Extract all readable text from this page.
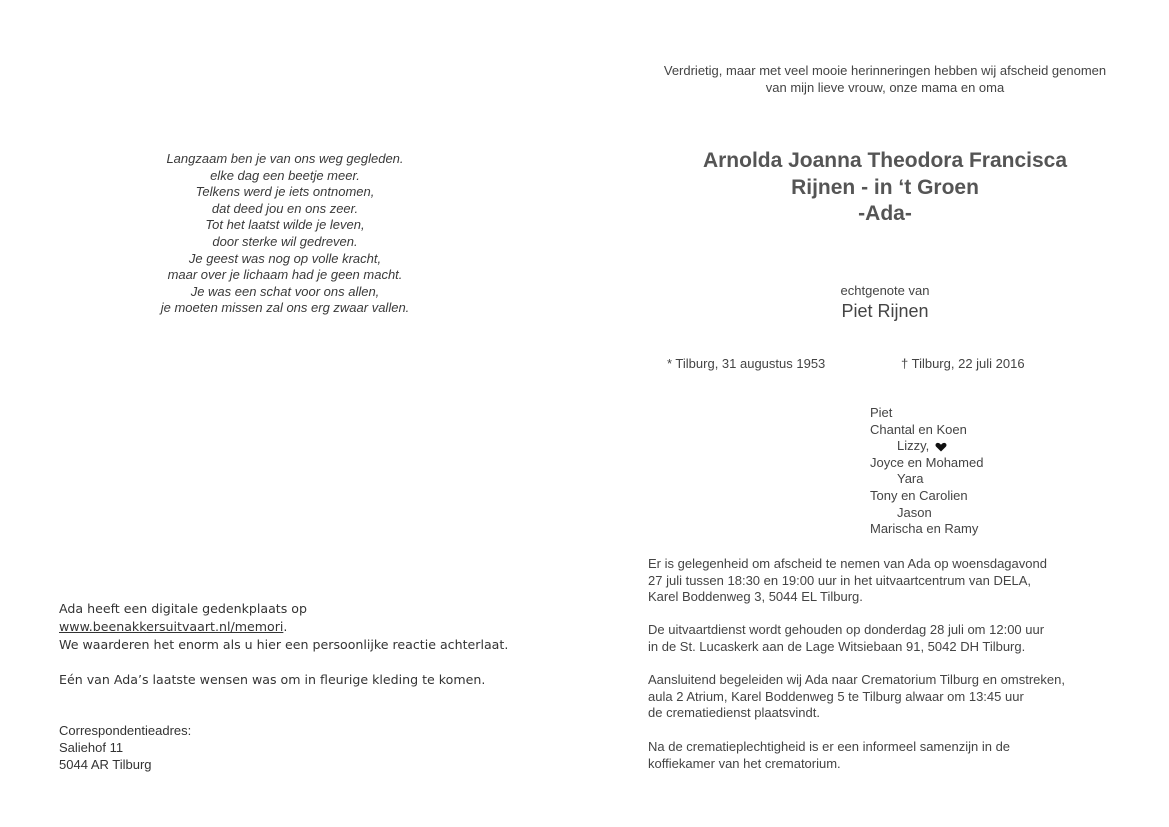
Langzaam ben je van ons weg gegleden.
elke dag een beetje meer.
Telkens werd je iets ontnomen,
dat deed jou en ons zeer.
Tot het laatst wilde je leven,
door sterke wil gedreven.
Je geest was nog op volle kracht,
maar over je lichaam had je geen macht.
Je was een schat voor ons allen,
je moeten missen zal ons erg zwaar vallen.
Ada heeft een digitale gedenkplaats op
www.beenakkersuitvaart.nl/memori.
We waarderen het enorm als u hier een persoonlijke reactie achterlaat.
Eén van Ada’s laatste wensen was om in fleurige kleding te komen.
Correspondentieadres:
Saliehof 11
5044 AR Tilburg
Verdrietig, maar met veel mooie herinneringen hebben wij afscheid genomen
van mijn lieve vrouw, onze mama en oma
Arnolda Joanna Theodora Francisca
Rijnen - in ‘t Groen
-Ada-
echtgenote van
Piet Rijnen
* Tilburg, 31 augustus 1953	† Tilburg, 22 juli 2016
Piet
Chantal en Koen
Lizzy,
Joyce en Mohamed
Yara
Tony en Carolien
Jason
Marischa en Ramy
Er is gelegenheid om afscheid te nemen van Ada op woensdagavond
27 juli tussen 18:30 en 19:00 uur in het uitvaartcentrum van DELA,
Karel Boddenweg 3, 5044 EL Tilburg.
De uitvaartdienst wordt gehouden op donderdag 28 juli om 12:00 uur
in de St. Lucaskerk aan de Lage Witsiebaan 91, 5042 DH Tilburg.
Aansluitend begeleiden wij Ada naar Crematorium Tilburg en omstreken,
aula 2 Atrium, Karel Boddenweg 5 te Tilburg alwaar om 13:45 uur
de crematiedienst plaatsvindt.
Na de crematieplechtigheid is er een informeel samenzijn in de
koffiekamer van het crematorium.
